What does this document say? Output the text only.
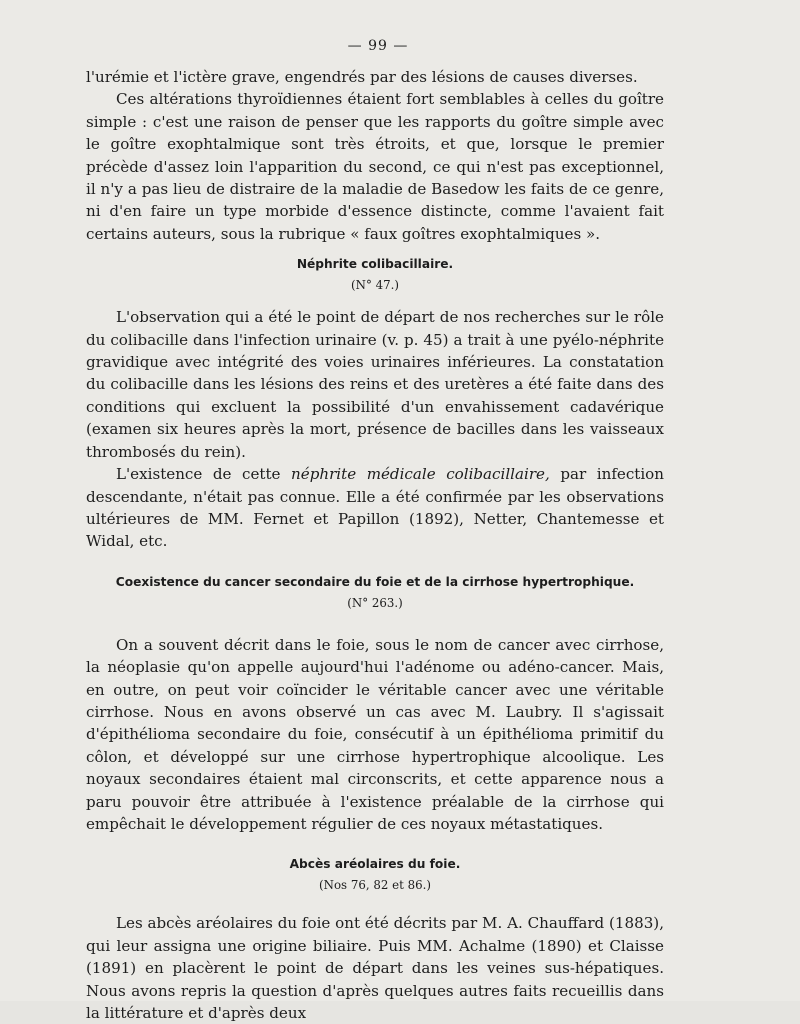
— 99 —

l'urémie et l'ictère grave, engendrés par des lésions de causes diverses.

Ces altérations thyroïdiennes étaient fort semblables à celles du goître simple : c'est une raison de penser que les rapports du goître simple avec le goître exophtalmique sont très étroits, et que, lorsque le premier précède d'assez loin l'apparition du second, ce qui n'est pas exceptionnel, il n'y a pas lieu de distraire de la maladie de Basedow les faits de ce genre, ni d'en faire un type morbide d'essence distincte, comme l'avaient fait certains auteurs, sous la rubrique « faux goîtres exophtalmiques ».

Néphrite colibacillaire.
(N° 47.)

L'observation qui a été le point de départ de nos recherches sur le rôle du colibacille dans l'infection urinaire (v. p. 45) a trait à une pyélo-néphrite gravidique avec intégrité des voies urinaires inférieures. La constatation du colibacille dans les lésions des reins et des uretères a été faite dans des conditions qui excluent la possibilité d'un envahissement cadavérique (examen six heures après la mort, présence de bacilles dans les vaisseaux thrombosés du rein).

L'existence de cette néphrite médicale colibacillaire, par infection descendante, n'était pas connue. Elle a été confirmée par les observations ultérieures de MM. Fernet et Papillon (1892), Netter, Chantemesse et Widal, etc.

Coexistence du cancer secondaire du foie et de la cirrhose hypertrophique.
(N° 263.)

On a souvent décrit dans le foie, sous le nom de cancer avec cirrhose, la néoplasie qu'on appelle aujourd'hui l'adénome ou adéno-cancer. Mais, en outre, on peut voir coïncider le véritable cancer avec une véritable cirrhose. Nous en avons observé un cas avec M. Laubry. Il s'agissait d'épithélioma secondaire du foie, consécutif à un épithélioma primitif du côlon, et développé sur une cirrhose hypertrophique alcoolique. Les noyaux secondaires étaient mal circonscrits, et cette apparence nous a paru pouvoir être attribuée à l'existence préalable de la cirrhose qui empêchait le développement régulier de ces noyaux métastatiques.

Abcès aréolaires du foie.
(Nos 76, 82 et 86.)

Les abcès aréolaires du foie ont été décrits par M. A. Chauffard (1883), qui leur assigna une origine biliaire. Puis MM. Achalme (1890) et Claisse (1891) en placèrent le point de départ dans les veines sus-hépatiques. Nous avons repris la question d'après quelques autres faits recueillis dans la littérature et d'après deux
